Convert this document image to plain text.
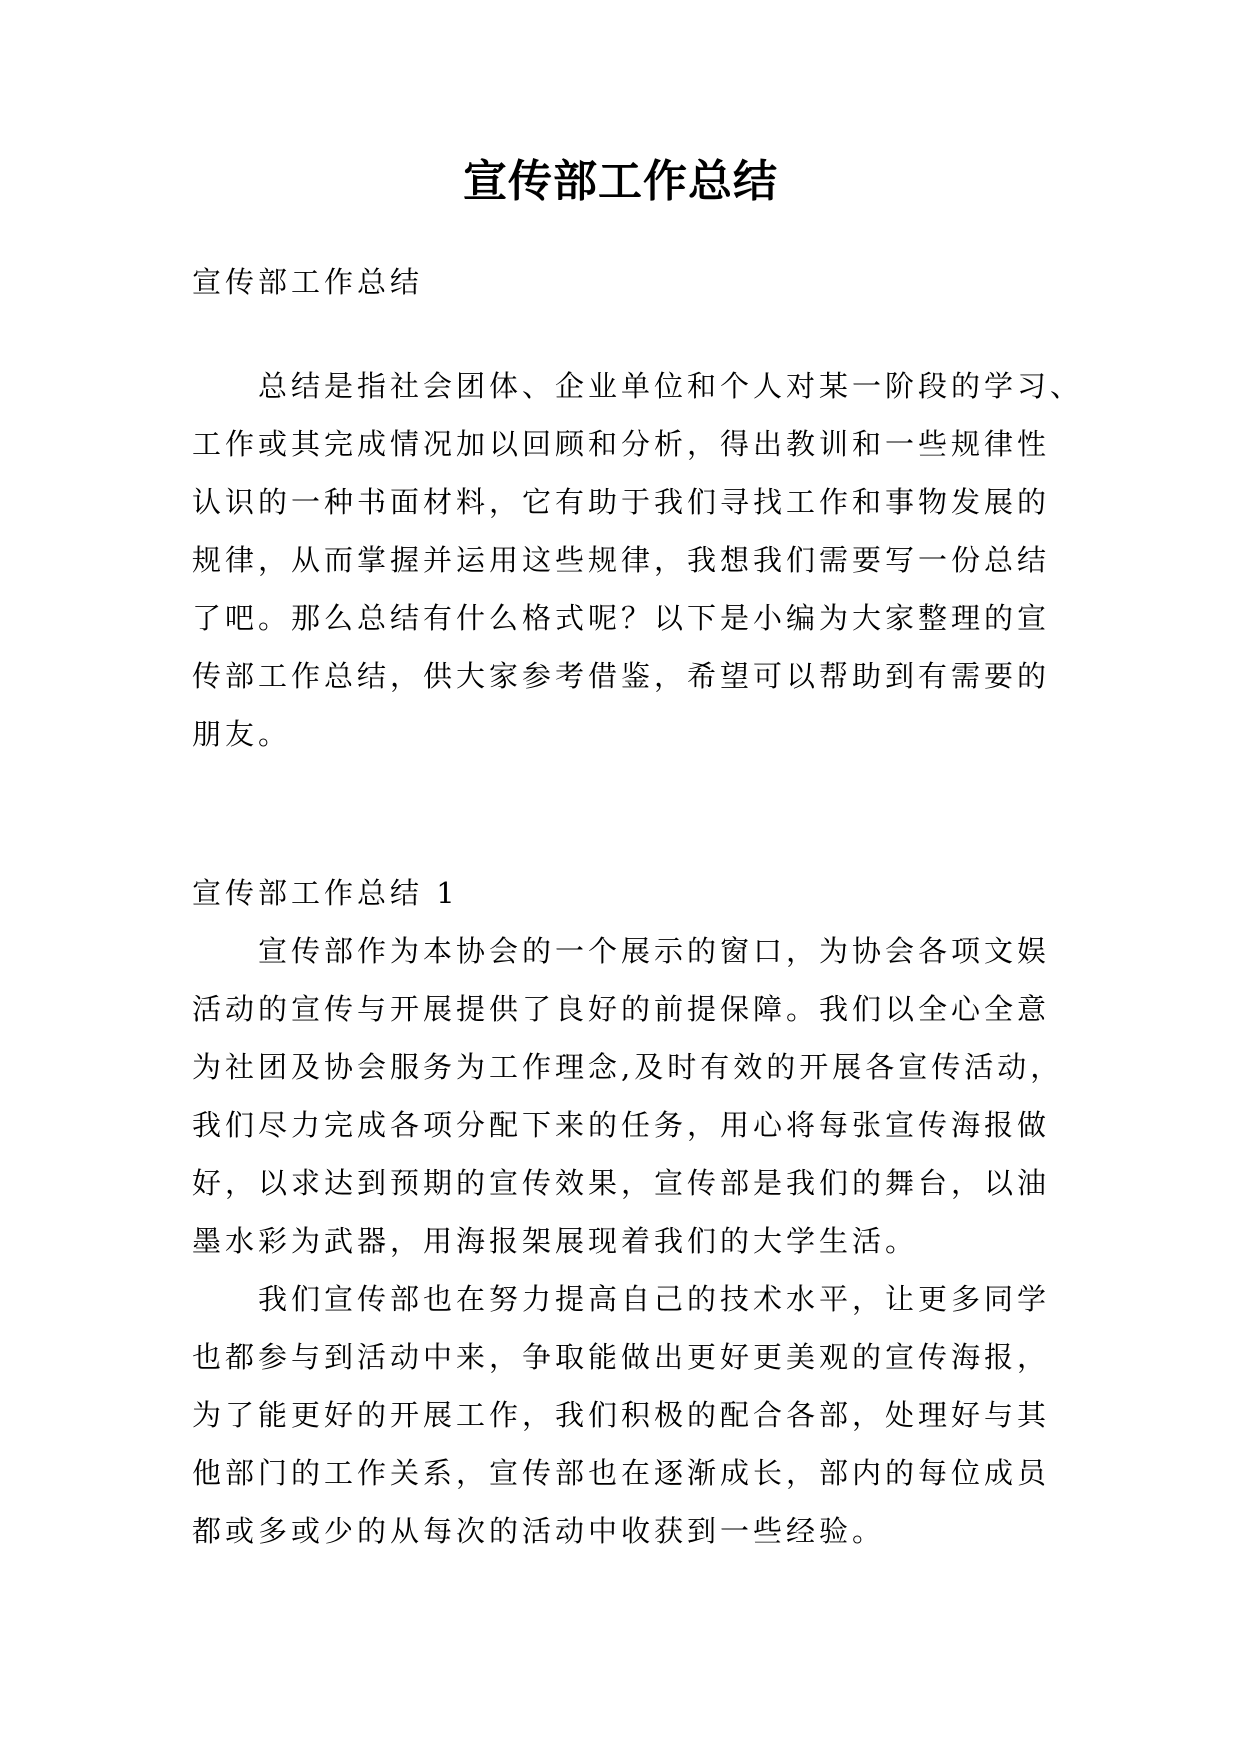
宣传部工作总结
宣传部工作总结

总结是指社会团体、企业单位和个人对某一阶段的学习、

工作或其完成情况加以回顾和分析，得出教训和一些规律性

认识的一种书面材料，它有助于我们寻找工作和事物发展的

规律，从而掌握并运用这些规律，我想我们需要写一份总结

了吧。那么总结有什么格式呢？以下是小编为大家整理的宣

传部工作总结，供大家参考借鉴，希望可以帮助到有需要的

朋友。

宣传部工作总结 1

宣传部作为本协会的一个展示的窗口，为协会各项文娱

活动的宣传与开展提供了良好的前提保障。我们以全心全意

为社团及协会服务为工作理念,及时有效的开展各宣传活动，

我们尽力完成各项分配下来的任务，用心将每张宣传海报做

好，以求达到预期的宣传效果，宣传部是我们的舞台，以油

墨水彩为武器，用海报架展现着我们的大学生活。

我们宣传部也在努力提高自己的技术水平，让更多同学

也都参与到活动中来，争取能做出更好更美观的宣传海报，

为了能更好的开展工作，我们积极的配合各部，处理好与其

他部门的工作关系，宣传部也在逐渐成长，部内的每位成员

都或多或少的从每次的活动中收获到一些经验。
